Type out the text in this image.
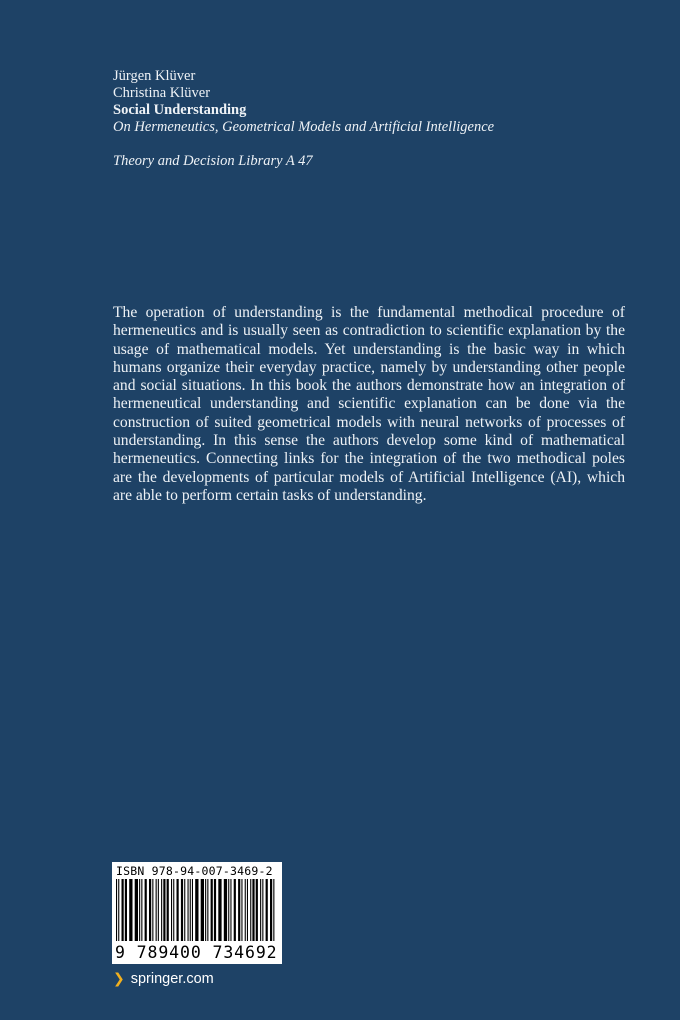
Jürgen Klüver
Christina Klüver
Social Understanding
On Hermeneutics, Geometrical Models and Artificial Intelligence
Theory and Decision Library A 47
The operation of understanding is the fundamental methodical procedure of hermeneutics and is usually seen as contradiction to scientific explanation by the usage of mathematical models. Yet understanding is the basic way in which humans organize their everyday practice, namely by understanding other people and social situations. In this book the authors demonstrate how an integration of hermeneutical understanding and scientific explanation can be done via the construction of suited geometrical models with neural networks of processes of understanding. In this sense the authors develop some kind of mathematical hermeneutics. Connecting links for the integration of the two methodical poles are the developments of particular models of Artificial Intelligence (AI), which are able to perform certain tasks of understanding.
ISBN 978-94-007-3469-2
9 789400 734692
❯ springer.com
